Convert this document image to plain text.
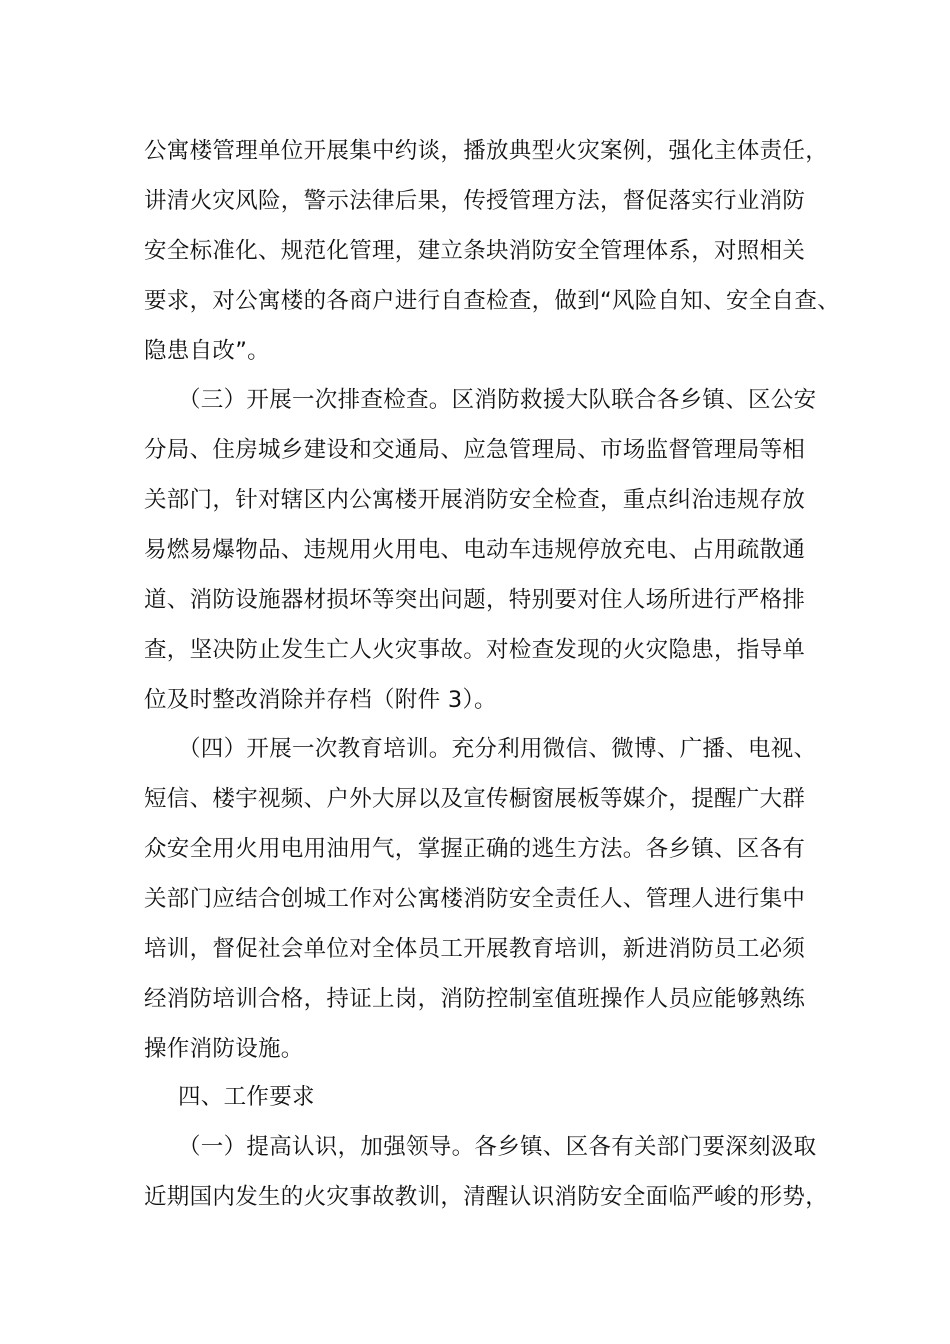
公寓楼管理单位开展集中约谈，播放典型火灾案例，强化主体责任，
讲清火灾风险，警示法律后果，传授管理方法，督促落实行业消防
安全标准化、规范化管理，建立条块消防安全管理体系，对照相关
要求，对公寓楼的各商户进行自查检查，做到“风险自知、安全自查、
隐患自改”。
（三）开展一次排查检查。区消防救援大队联合各乡镇、区公安
分局、住房城乡建设和交通局、应急管理局、市场监督管理局等相
关部门，针对辖区内公寓楼开展消防安全检查，重点纠治违规存放
易燃易爆物品、违规用火用电、电动车违规停放充电、占用疏散通
道、消防设施器材损坏等突出问题，特别要对住人场所进行严格排
查，坚决防止发生亡人火灾事故。对检查发现的火灾隐患，指导单
位及时整改消除并存档（附件 3）。
（四）开展一次教育培训。充分利用微信、微博、广播、电视、
短信、楼宇视频、户外大屏以及宣传橱窗展板等媒介，提醒广大群
众安全用火用电用油用气，掌握正确的逃生方法。各乡镇、区各有
关部门应结合创城工作对公寓楼消防安全责任人、管理人进行集中
培训，督促社会单位对全体员工开展教育培训，新进消防员工必须
经消防培训合格，持证上岗，消防控制室值班操作人员应能够熟练
操作消防设施。
四、工作要求
（一）提高认识，加强领导。各乡镇、区各有关部门要深刻汲取
近期国内发生的火灾事故教训，清醒认识消防安全面临严峻的形势，
